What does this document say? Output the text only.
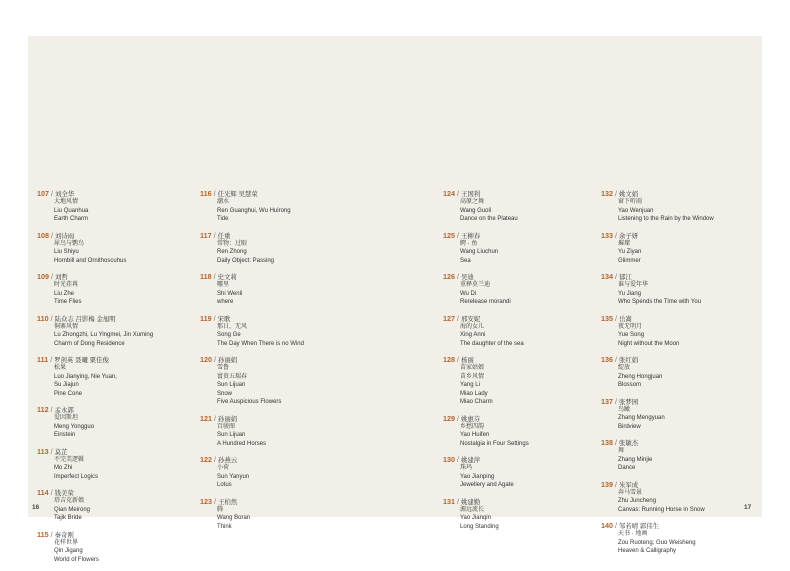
107 / 刘全华
大地风情
Liu Quanhua
Earth Charm
108 / 刘诗雨
犀鸟与鹦鸟
Liu Shiyu
Hornbill and Ornithoscuhus
109 / 刘哲
时光荏苒
Liu Zhe
Time Flies
110 / 陆众志 吕影梅 金旭明
侗寨风情
Lu Zhongzhi, Lu Yingmei, Jin Xuming
Charm of Dong Residence
111 / 罗剑英 聂曦 粟佳俊
松果
Luo Jianying, Nie Yuan,
Su Jiajun
Pine Cone
112 / 孟永郭
爱因斯坦
Meng Yongguo
Einstein
113 / 莫芷
不完美逻辑
Mo Zhi
Imperfect Logics
114 / 钱美荣
塔吉克新娘
Qian Meirong
Tajik Bride
115 / 秦奇刚
花样世界
Qin Jigang
World of Flowers
116 / 任光辉 吴慧荣
潮水
Ren Guanghui, Wu Huirong
Tide
117 / 任重
常物：过眼
Ren Zhong
Daily Object: Passing
118 / 史文莉
哪里
Shi Wenli
where
119 / 宋歌
那日，无风
Song Ge
The Day When There is no Wind
120 / 孙丽娟
雪鲁
富贵五瑞春
Sun Lijuan
Snow
Five Auspicious Flowers
121 / 孙丽娟
百骏图
Sun Lijuan
A Hundred Horses
122 / 孙燕云
小荷
Sun Yanyun
Lotus
123 / 王柏然
腾
Wang Boran
Think
124 / 王国利
高原之舞
Wang Guoli
Dance on the Plateau
125 / 王柳春
鳄 · 鱼
Wang Liuchun
Sea
126 / 吴迪
重释莫兰迪
Wu Di
Rerelease morandi
127 / 邢安妮
海的女儿
Xing Anni
The daughter of the sea
128 / 杨丽
苗家姑娘
苗乡风情
Yang Li
Miao Lady
Miao Charm
129 / 姚惠芬
乡愁四韵
Yao Huifen
Nostalgia in Four Settings
130 / 姚建萍
珠玛
Yao Jianping
Jewellery and Agate
131 / 姚建勤
源远流长
Yao Jianqin
Long Standing
132 / 姚文娟
窗下听雨
Yao Wenjuan
Listening to the Rain by the Window
133 / 余子妍
璀璨
Yu Ziyan
Glimmer
134 / 郁江
谁与爱年华
Yu Jiang
Who Spends the Time with You
135 / 岳嵩
夜无明月
Yue Song
Night without the Moon
136 / 张红娟
绽放
Zheng Hongjuan
Blossom
137 / 张梦园
鸟瞰
Zhang Mengyuan
Birdview
138 / 张敏杰
舞
Zhang Minjie
Dance
139 / 朱军成
奔马雪景
Zhu Juncheng
Canvas: Running Horse in Snow
140 / 邹若晴 郭伟生
天书 · 地画
Zou Ruoteng, Guo Weisheng
Heaven & Calligraphy
16	17
